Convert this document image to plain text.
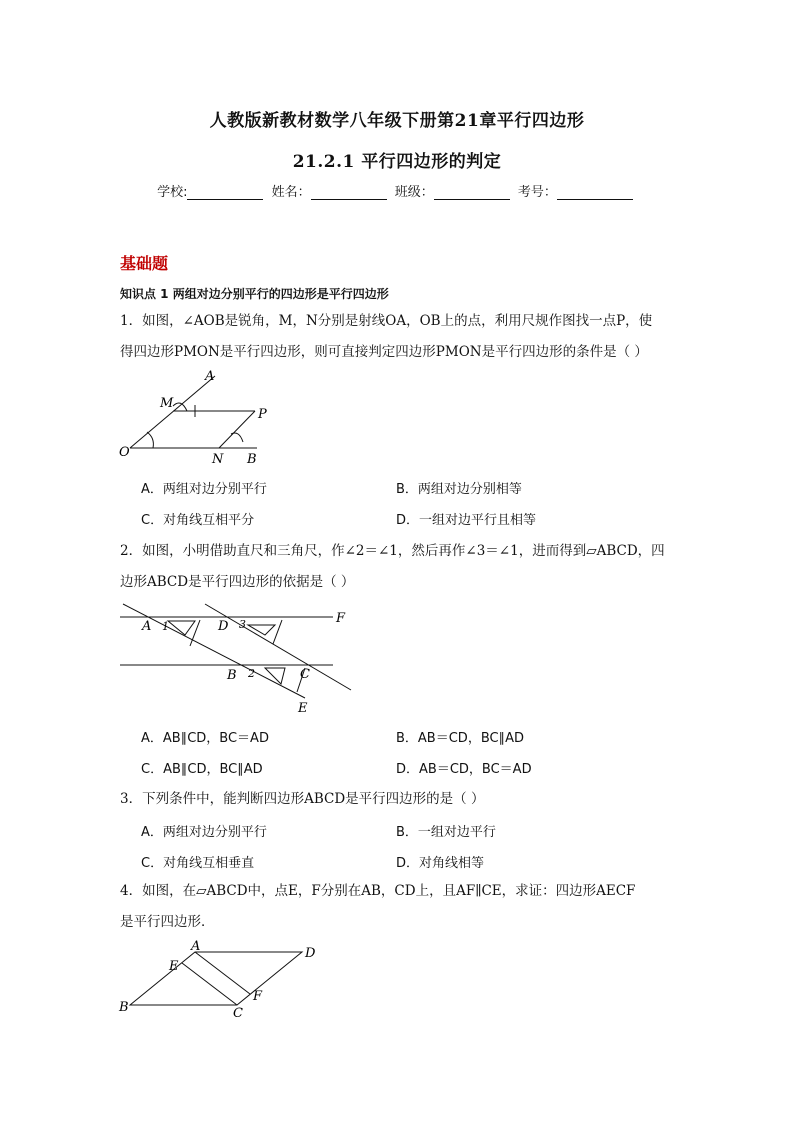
人教版新教材数学八年级下册第21章平行四边形
21.2.1 平行四边形的判定
学校:	姓名：	班级：	考号：
基础题
知识点 1 两组对边分别平行的四边形是平行四边形
1．如图，∠AOB是锐角，M，N分别是射线OA，OB上的点，利用尺规作图找一点P，使
得四边形PMON是平行四边形，则可直接判定四边形PMON是平行四边形的条件是（ ）
A
M
P
O	N B
A．两组对边分别平行	B．两组对边分别相等
C．对角线互相平分	D．一组对边平行且相等
2．如图，小明借助直尺和三角尺，作∠2＝∠1，然后再作∠3＝∠1，进而得到▱ABCD，四
边形ABCD是平行四边形的依据是（ ）
A 1	D 3	F
B 2	C
E
A．AB∥CD，BC＝AD	B．AB＝CD，BC∥AD
C．AB∥CD，BC∥AD	D．AB＝CD，BC＝AD
3．下列条件中，能判断四边形ABCD是平行四边形的是（ ）
A．两组对边分别平行	B．一组对边平行
C．对角线互相垂直	D．对角线相等
4．如图，在▱ABCD中，点E，F分别在AB，CD上，且AF∥CE，求证：四边形AECF
是平行四边形．
A	D
E
F
B	C
